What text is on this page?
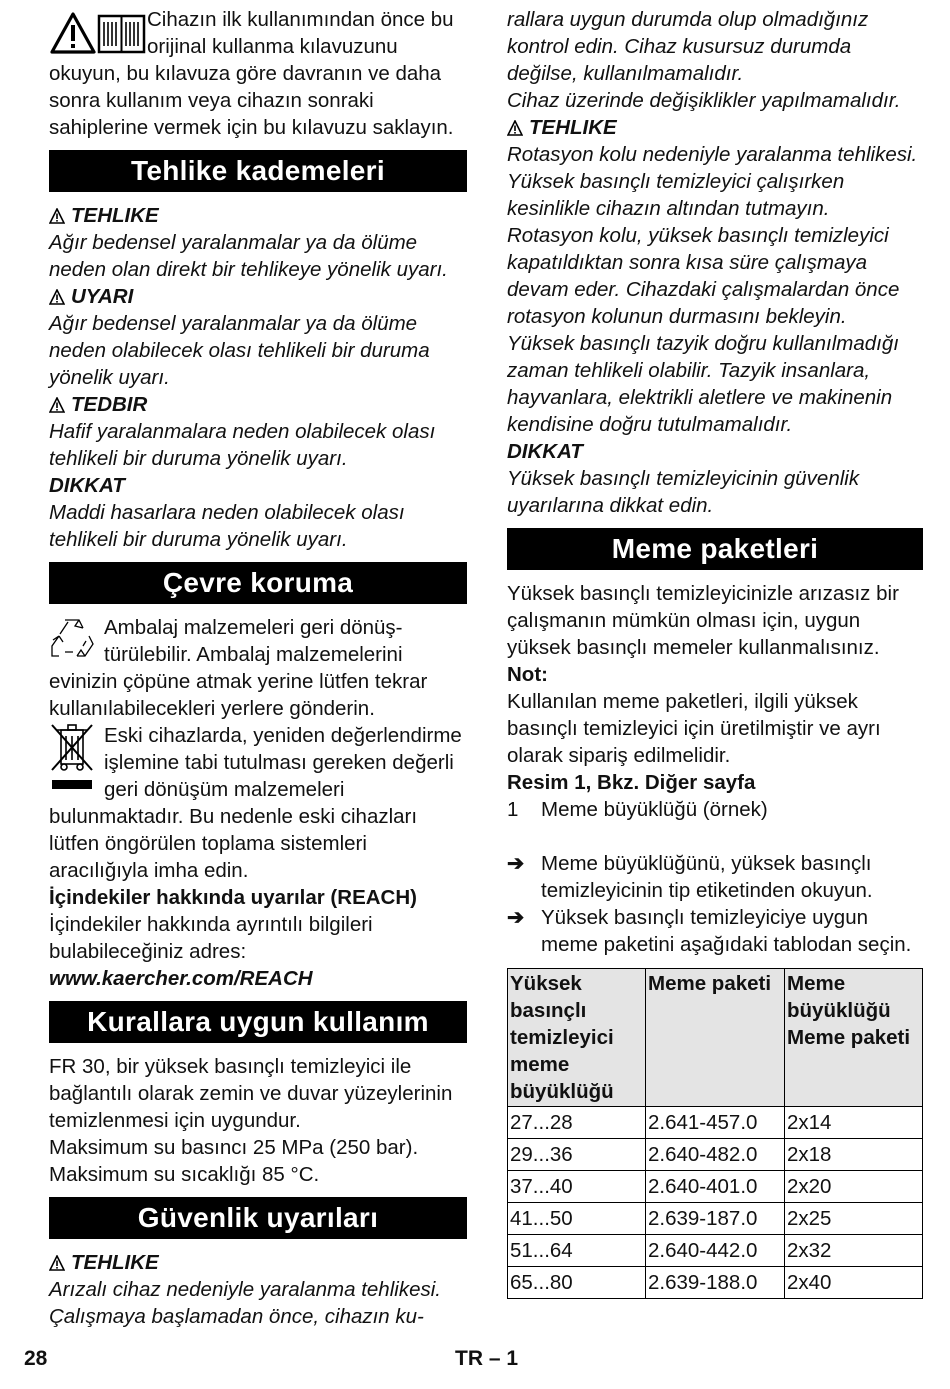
Cihazın ilk kullanımından önce bu orijinal kullanma kılavuzunu okuyun, bu kılavuza göre davranın ve daha sonra kullanım veya cihazın sonraki sahiplerine vermek için bu kılavuzu saklayın.

Tehlike kademeleri

TEHLIKE

Ağır bedensel yaralanmalar ya da ölüme neden olan direkt bir tehlikeye yönelik uyarı.

UYARI

Ağır bedensel yaralanmalar ya da ölüme neden olabilecek olası tehlikeli bir duruma yönelik uyarı.

TEDBIR

Hafif yaralanmalara neden olabilecek olası tehlikeli bir duruma yönelik uyarı.

DIKKAT

Maddi hasarlara neden olabilecek olası tehlikeli bir duruma yönelik uyarı.

Çevre koruma

Ambalaj malzemeleri geri dönüş-türülebilir. Ambalaj malzemelerini evinizin çöpüne atmak yerine lütfen tekrar kullanılabilecekleri yerlere gönderin.

Eski cihazlarda, yeniden değerlendirme işlemine tabi tutulması gereken değerli geri dönüşüm malzemeleri bulunmaktadır. Bu nedenle eski cihazları lütfen öngörülen toplama sistemleri aracılığıyla imha edin.

İçindekiler hakkında uyarılar (REACH)

İçindekiler hakkında ayrıntılı bilgileri bulabileceğiniz adres:

www.kaercher.com/REACH

Kurallara uygun kullanım

FR 30, bir yüksek basınçlı temizleyici ile bağlantılı olarak zemin ve duvar yüzeylerinin temizlenmesi için uygundur.

Maksimum su basıncı 25 MPa (250 bar).

Maksimum su sıcaklığı 85 °C.

Güvenlik uyarıları

TEHLIKE

Arızalı cihaz nedeniyle yaralanma tehlikesi. Çalışmaya başlamadan önce, cihazın ku-

rallara uygun durumda olup olmadığınız kontrol edin. Cihaz kusursuz durumda değilse, kullanılmamalıdır.

Cihaz üzerinde değişiklikler yapılmamalıdır.

TEHLIKE

Rotasyon kolu nedeniyle yaralanma tehlikesi. Yüksek basınçlı temizleyici çalışırken kesinlikle cihazın altından tutmayın.

Rotasyon kolu, yüksek basınçlı temizleyici kapatıldıktan sonra kısa süre çalışmaya devam eder. Cihazdaki çalışmalardan önce rotasyon kolunun durmasını bekleyin.

Yüksek basınçlı tazyik doğru kullanılmadığı zaman tehlikeli olabilir. Tazyik insanlara, hayvanlara, elektrikli aletlere ve makinenin kendisine doğru tutulmamalıdır.

DIKKAT

Yüksek basınçlı temizleyicinin güvenlik uyarılarına dikkat edin.

Meme paketleri

Yüksek basınçlı temizleyicinizle arızasız bir çalışmanın mümkün olması için, uygun yüksek basınçlı memeler kullanmalısınız.

Not:

Kullanılan meme paketleri, ilgili yüksek basınçlı temizleyici için üretilmiştir ve ayrı olarak sipariş edilmelidir.

Resim 1, Bkz. Diğer sayfa

1 Meme büyüklüğü (örnek)

➔ Meme büyüklüğünü, yüksek basınçlı temizleyicinin tip etiketinden okuyun.

➔ Yüksek basınçlı temizleyiciye uygun meme paketini aşağıdaki tablodan seçin.

Yüksek basınçlı temizleyici meme büyüklüğü	Meme paketi	Meme büyüklüğü Meme paketi
27...28	2.641-457.0	2x14
29...36	2.640-482.0	2x18
37...40	2.640-401.0	2x20
41...50	2.639-187.0	2x25
51...64	2.640-442.0	2x32
65...80	2.639-188.0	2x40
28	TR – 1
